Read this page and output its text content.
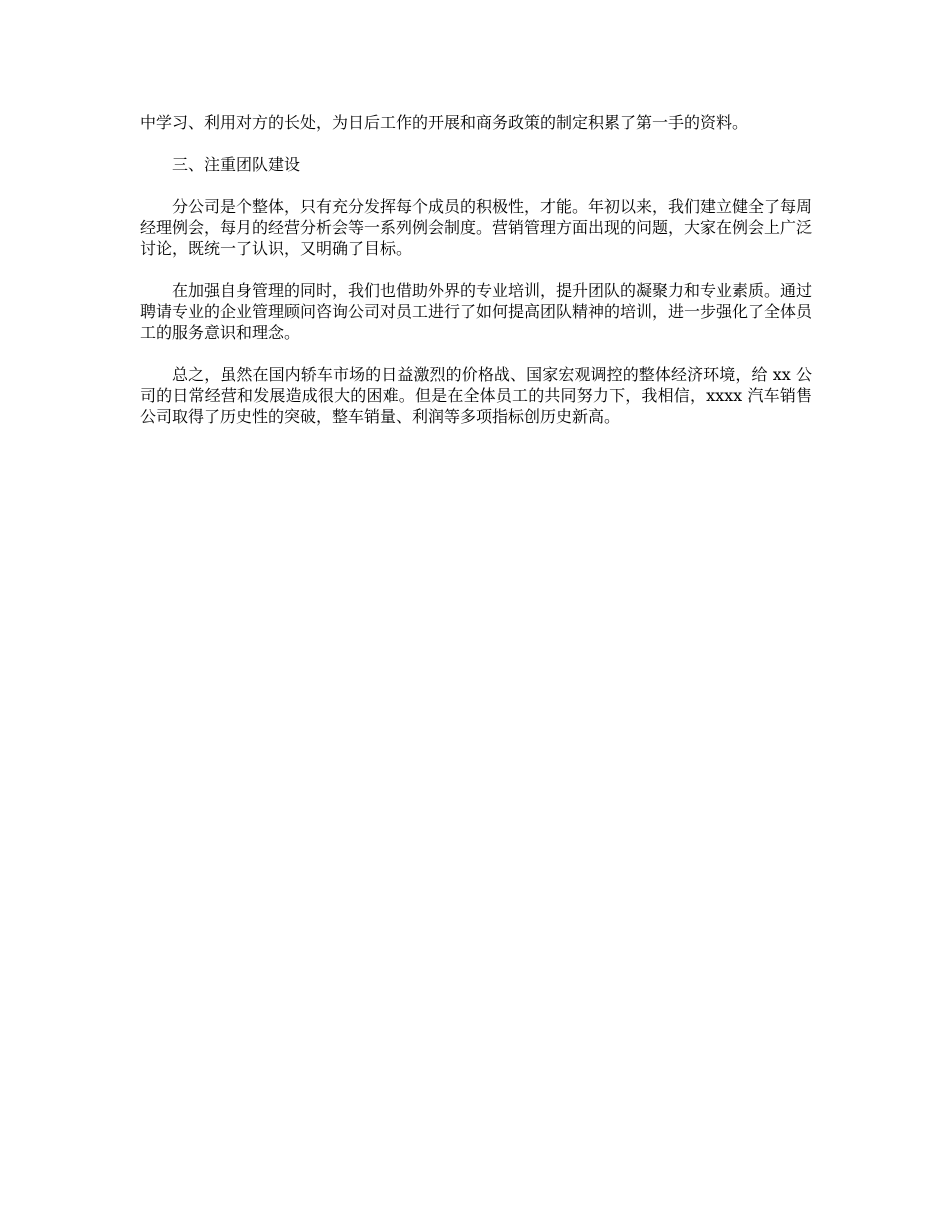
中学习、利用对方的长处，为日后工作的开展和商务政策的制定积累了第一手的资料。

三、注重团队建设

分公司是个整体，只有充分发挥每个成员的积极性，才能。年初以来，我们建立健全了每周经理例会，每月的经营分析会等一系列例会制度。营销管理方面出现的问题，大家在例会上广泛讨论，既统一了认识，又明确了目标。

在加强自身管理的同时，我们也借助外界的专业培训，提升团队的凝聚力和专业素质。通过聘请专业的企业管理顾问咨询公司对员工进行了如何提高团队精神的培训，进一步强化了全体员工的服务意识和理念。

总之，虽然在国内轿车市场的日益激烈的价格战、国家宏观调控的整体经济环境，给 xx 公司的日常经营和发展造成很大的困难。但是在全体员工的共同努力下，我相信，xxxx 汽车销售公司取得了历史性的突破，整车销量、利润等多项指标创历史新高。
